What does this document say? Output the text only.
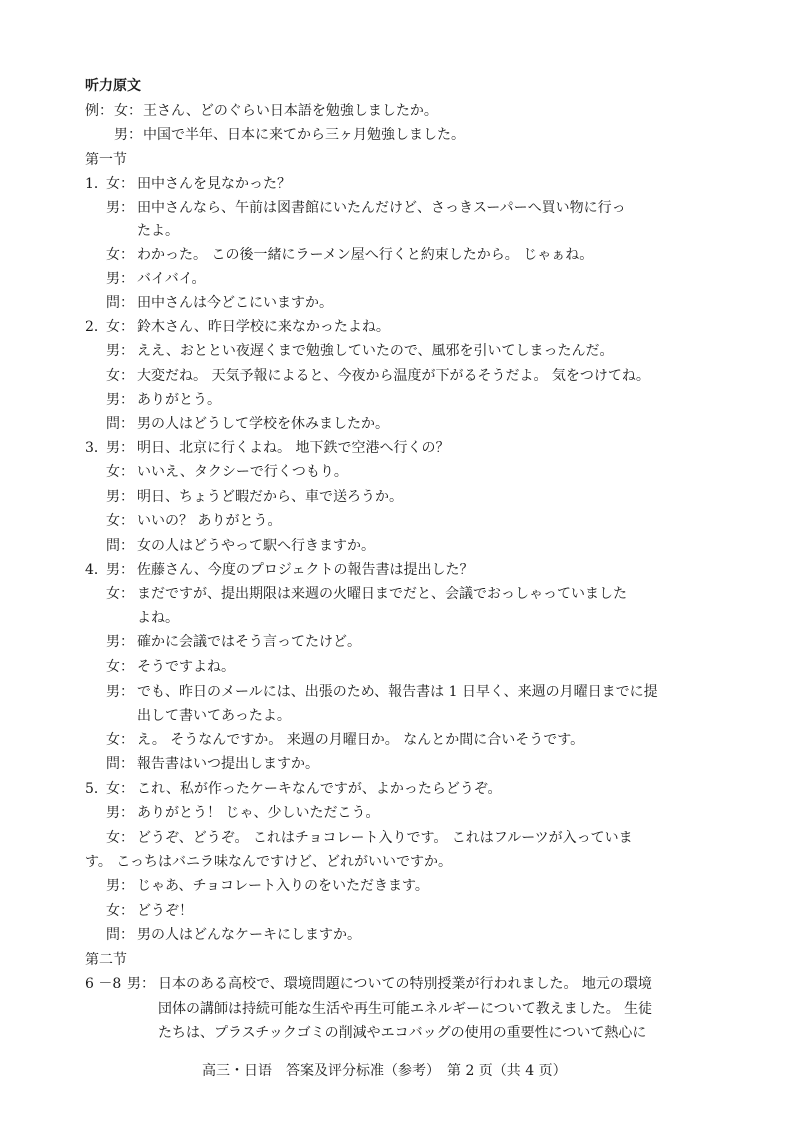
听力原文
例： 女： 王さん、どのぐらい日本語を勉強しましたか。
男： 中国で半年、日本に来てから三ヶ月勉強しました。
第一节
1．
女： 田中さんを見なかった？
男： 田中さんなら、午前は図書館にいたんだけど、さっきスーパーへ買い物に行っ
たよ。
女： わかった。 この後一緒にラーメン屋へ行くと約束したから。 じゃぁね。
男： バイバイ。
問： 田中さんは今どこにいますか。
2．
女： 鈴木さん、昨日学校に来なかったよね。
男： ええ、おととい夜遅くまで勉強していたので、風邪を引いてしまったんだ。
女： 大変だね。 天気予報によると、今夜から温度が下がるそうだよ。 気をつけてね。
男： ありがとう。
問： 男の人はどうして学校を休みましたか。
3．
男： 明日、北京に行くよね。 地下鉄で空港へ行くの？
女： いいえ、タクシーで行くつもり。
男： 明日、ちょうど暇だから、車で送ろうか。
女： いいの？ ありがとう。
問： 女の人はどうやって駅へ行きますか。
4．
男： 佐藤さん、今度のプロジェクトの報告書は提出した？
女： まだですが、提出期限は来週の火曜日までだと、会議でおっしゃっていました
よね。
男： 確かに会議ではそう言ってたけど。
女： そうですよね。
男： でも、昨日のメールには、出張のため、報告書は 1 日早く、来週の月曜日までに提
出して書いてあったよ。
女： え。 そうなんですか。 来週の月曜日か。 なんとか間に合いそうです。
問： 報告書はいつ提出しますか。
5．
女： これ、私が作ったケーキなんですが、よかったらどうぞ。
男： ありがとう！ じゃ、少しいただこう。
女： どうぞ、どうぞ。 これはチョコレート入りです。 これはフルーツが入っていま
す。 こっちはバニラ味なんですけど、どれがいいですか。
男： じゃあ、チョコレート入りのをいただきます。
女： どうぞ！
問： 男の人はどんなケーキにしますか。
第二节
6 －8 男： 日本のある高校で、環境問題についての特別授業が行われました。 地元の環境
団体の講師は持続可能な生活や再生可能エネルギーについて教えました。 生徒
たちは、プラスチックゴミの削減やエコバッグの使用の重要性について熱心に
高三・日语　答案及评分标准（参考）　第 2 页（共 4 页）
